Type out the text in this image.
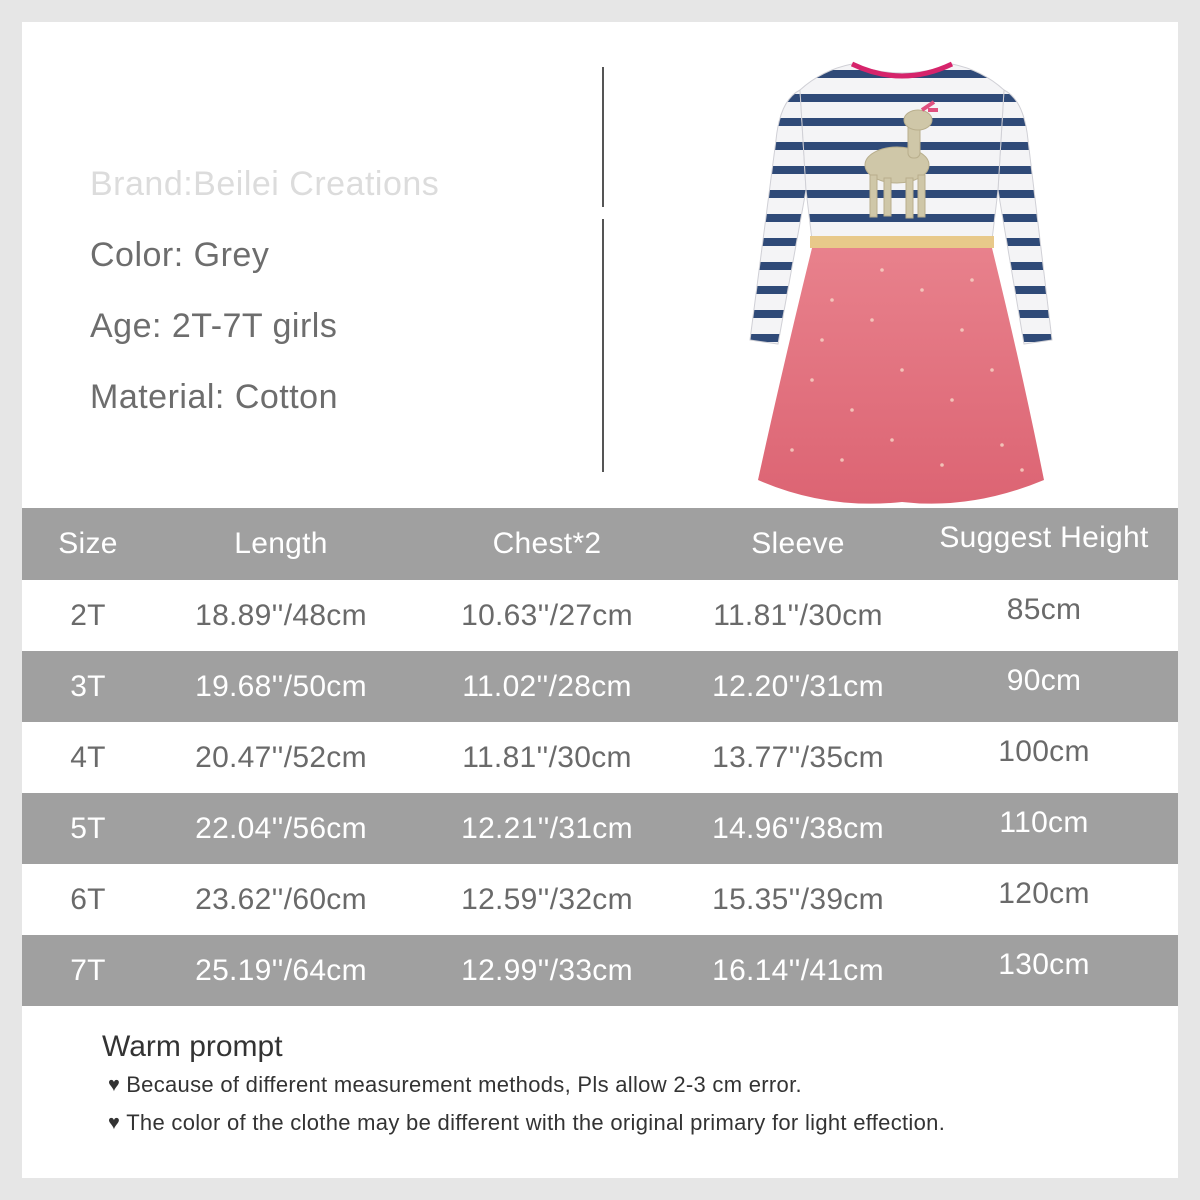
Brand:Beilei Creations
Color: Grey
Age: 2T-7T girls
Material: Cotton
Size	Length	Chest*2	Sleeve	Suggest Height
2T	18.89''/48cm	10.63''/27cm	11.81''/30cm	85cm
3T	19.68''/50cm	11.02''/28cm	12.20''/31cm	90cm
4T	20.47''/52cm	11.81''/30cm	13.77''/35cm	100cm
5T	22.04''/56cm	12.21''/31cm	14.96''/38cm	110cm
6T	23.62''/60cm	12.59''/32cm	15.35''/39cm	120cm
7T	25.19''/64cm	12.99''/33cm	16.14''/41cm	130cm
Warm prompt
♥ Because of different measurement methods, Pls allow 2-3 cm error.
♥ The color of the clothe may be different with the original primary for light effection.
